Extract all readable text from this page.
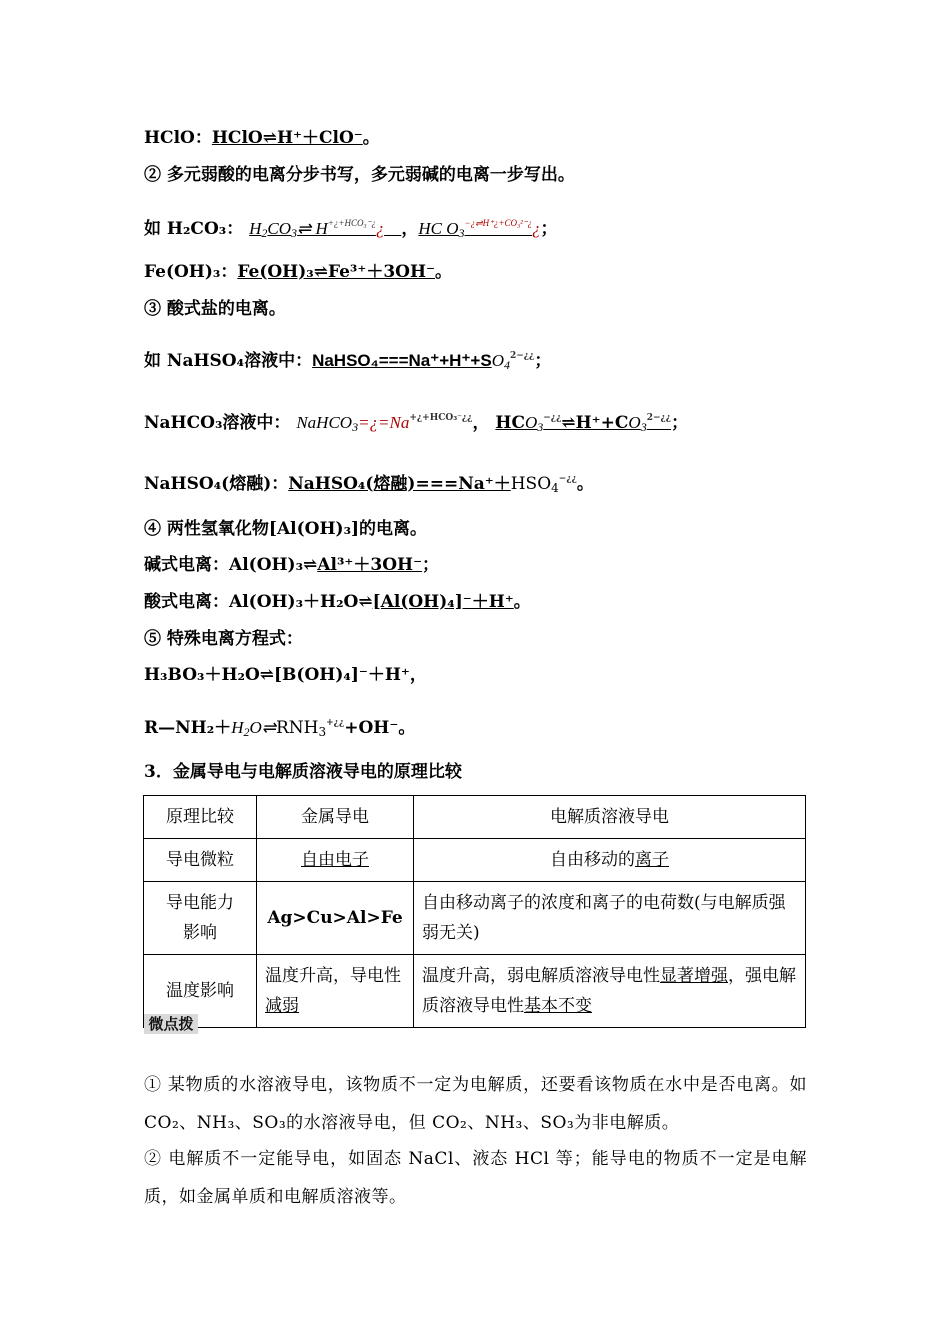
HClO：HClO⇌H⁺＋ClO⁻。
② 多元弱酸的电离分步书写，多元弱碱的电离一步写出。
如 H₂CO₃： H2CO3⇌ $H^{+¿+HCO_3^-¿}¿$ ，HC $O3^{-¿\rightleftharpoons H^+¿+CO_3^{2-}¿}¿$；
Fe(OH)₃：Fe(OH)₃⇌Fe³⁺＋3OH⁻。
③ 酸式盐的电离。
如 NaHSO₄溶液中：$NaHSO_4===Na^++H^++SO4^{2-¿¿}$；
NaHCO₃溶液中： $NaHCO3=¿=Na^{+¿+HCO_3^-¿¿}$， $HCO3^{-¿¿}\rightleftharpoons H^++CO3^{2-¿¿}$；
NaHSO₄(熔融)：NaHSO₄(熔融)===Na⁺＋HSO4−¿¿。
④ 两性氢氧化物[Al(OH)₃]的电离。
碱式电离：Al(OH)₃⇌Al³⁺＋3OH⁻；
酸式电离：Al(OH)₃＋H₂O⇌[Al(OH)₄]⁻＋H⁺。
⑤ 特殊电离方程式：
H₃BO₃＋H₂O⇌[B(OH)₄]⁻＋H⁺，
R—NH₂＋H2O⇌RNH3+¿¿+OH⁻。
3．金属导电与电解质溶液导电的原理比较
原理比较	金属导电	电解质溶液导电
导电微粒	自由电子	自由移动的离子

导电能力
影响	Ag>Cu>Al>Fe	自由移动离子的浓度和离子的电荷数(与电解质强弱无关)
温度影响	温度升高，导电性减弱	温度升高，弱电解质溶液导电性显著增强，强电解质溶液导电性基本不变
微点拨
① 某物质的水溶液导电，该物质不一定为电解质，还要看该物质在水中是否电离。如 CO₂、NH₃、SO₃的水溶液导电，但 CO₂、NH₃、SO₃为非电解质。
② 电解质不一定能导电，如固态 NaCl、液态 HCl 等；能导电的物质不一定是电解质，如金属单质和电解质溶液等。
